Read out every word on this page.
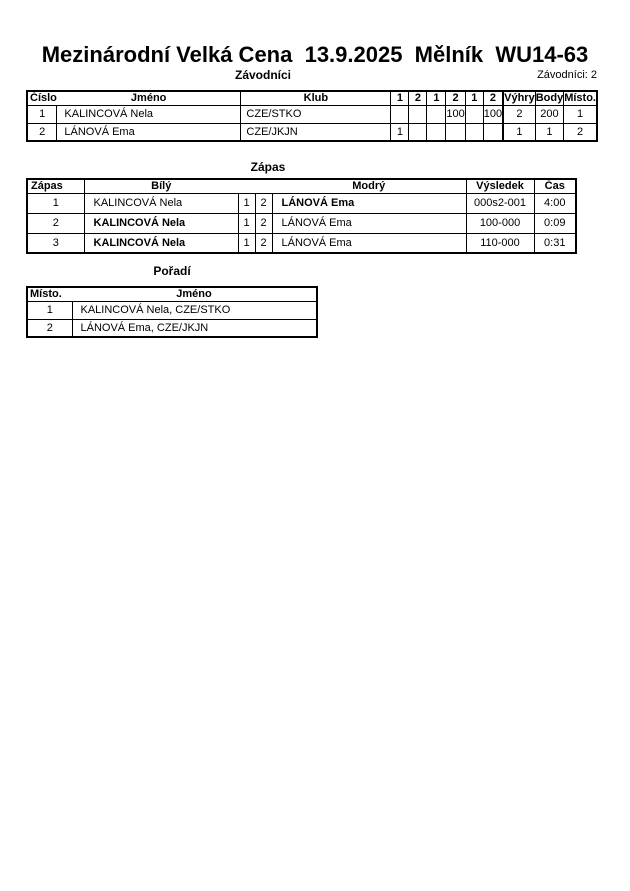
Mezinárodní Velká Cena  13.9.2025  Mělník  WU14-63
Závodníci	Závodníci: 2
Číslo	Jméno	Klub	1	2	1	2	1	2	Výhry	Body	Místo.
1	KALINCOVÁ Nela	CZE/STKO				100		100	2	200	1
2	LÁNOVÁ Ema	CZE/JKJN	1						1	1	2
Zápas
Zápas	Bílý			Modrý	Výsledek	Čas
1	KALINCOVÁ Nela	1	2	LÁNOVÁ Ema	000s2-001	4:00
2	KALINCOVÁ Nela	1	2	LÁNOVÁ Ema	100-000	0:09
3	KALINCOVÁ Nela	1	2	LÁNOVÁ Ema	110-000	0:31
Pořadí
Místo.	Jméno
1	KALINCOVÁ Nela, CZE/STKO
2	LÁNOVÁ Ema, CZE/JKJN
